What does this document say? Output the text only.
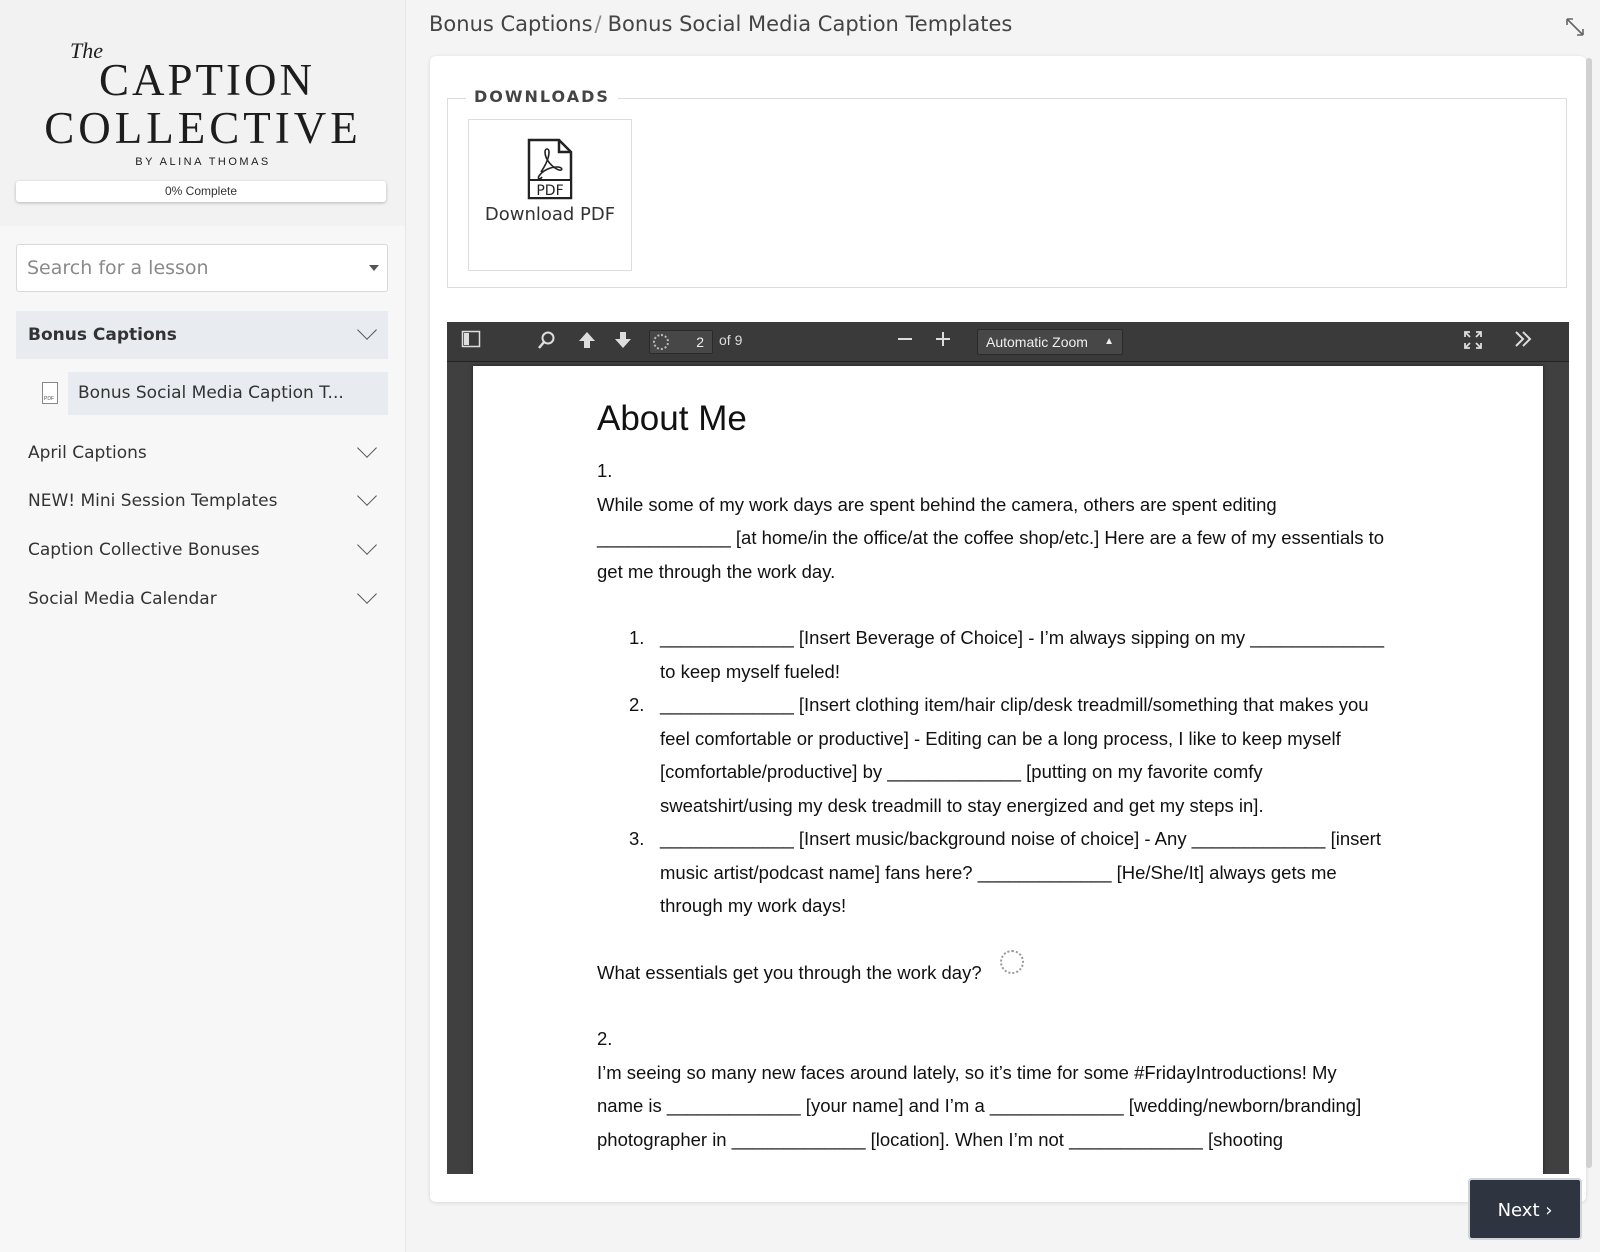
The
CAPTION
COLLECTIVE
BY ALINA THOMAS
0% Complete
Search for a lesson
Bonus Captions
PDF
Bonus Social Media Caption T...
April Captions
NEW! Mini Session Templates
Caption Collective Bonuses
Social Media Calendar
Bonus Captions/ Bonus Social Media Caption Templates
DOWNLOADS
PDF
Download PDF
2	of 9	Automatic Zoom ▲

About Me

1.

While some of my work days are spent behind the camera, others are spent editing

_____________ [at home/in the office/at the coffee shop/etc.] Here are a few of my essentials to

get me through the work day.

1. _____________ [Insert Beverage of Choice] - I’m always sipping on my _____________

to keep myself fueled!

2. _____________ [Insert clothing item/hair clip/desk treadmill/something that makes you

feel comfortable or productive] - Editing can be a long process, I like to keep myself

[comfortable/productive] by _____________ [putting on my favorite comfy

sweatshirt/using my desk treadmill to stay energized and get my steps in].

3. _____________ [Insert music/background noise of choice] - Any _____________ [insert

music artist/podcast name] fans here? _____________ [He/She/It] always gets me

through my work days!

What essentials get you through the work day?

2.

I’m seeing so many new faces around lately, so it’s time for some #FridayIntroductions! My

name is _____________ [your name] and I’m a _____________ [wedding/newborn/branding]

photographer in _____________ [location]. When I’m not _____________ [shooting

Next ›
